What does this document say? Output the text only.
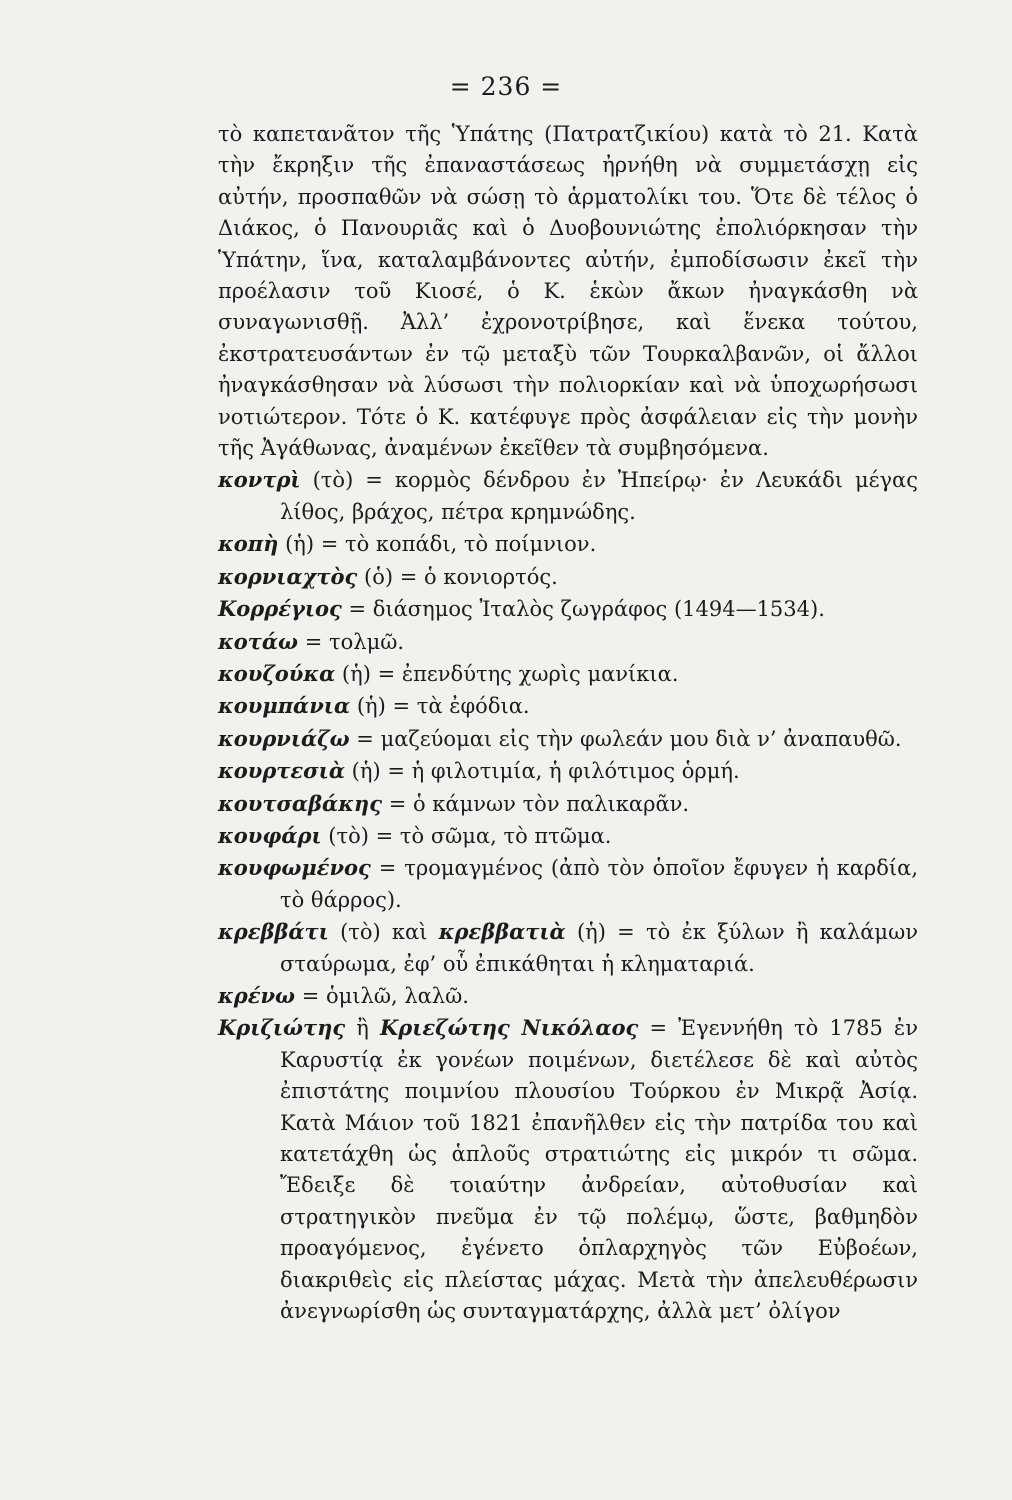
= 236 =

τὸ καπετανᾶτον τῆς Ὑπάτης (Πατρατζικίου) κατὰ τὸ 21. Κατὰ τὴν ἔκρηξιν τῆς ἐπαναστάσεως ἠρνήθη νὰ συμμετάσχῃ εἰς αὐτήν, προσπαθῶν νὰ σώσῃ τὸ ἁρματολίκι του. Ὅτε δὲ τέλος ὁ Διάκος, ὁ Πανουριᾶς καὶ ὁ Δυοβουνιώτης ἐπολιόρκησαν τὴν Ὑπάτην, ἵνα, καταλαμβάνοντες αὐτήν, ἐμποδίσωσιν ἐκεῖ τὴν προέλασιν τοῦ Κιοσέ, ὁ Κ. ἑκὼν ἄκων ἠναγκάσθη νὰ συναγωνισθῇ. Ἀλλ’ ἐχρονοτρίβησε, καὶ ἕνεκα τούτου, ἐκστρατευσάντων ἐν τῷ μεταξὺ τῶν Τουρκαλβανῶν, οἱ ἄλλοι ἠναγκάσθησαν νὰ λύσωσι τὴν πολιορκίαν καὶ νὰ ὑποχωρήσωσι νοτιώτερον. Τότε ὁ Κ. κατέφυγε πρὸς ἀσφάλειαν εἰς τὴν μονὴν τῆς Ἀγάθωνας, ἀναμένων ἐκεῖθεν τὰ συμβησόμενα.

κοντρὶ (τὸ) = κορμὸς δένδρου ἐν Ἠπείρῳ· ἐν Λευκάδι μέγας λίθος, βράχος, πέτρα κρημνώδης.

κοπὴ (ἡ) = τὸ κοπάδι, τὸ ποίμνιον.

κορνιαχτὸς (ὁ) = ὁ κονιορτός.

Κορρέγιος = διάσημος Ἰταλὸς ζωγράφος (1494—1534).

κοτάω = τολμῶ.

κουζούκα (ἡ) = ἐπενδύτης χωρὶς μανίκια.

κουμπάνια (ἡ) = τὰ ἐφόδια.

κουρνιάζω = μαζεύομαι εἰς τὴν φωλεάν μου διὰ ν’ ἀναπαυθῶ.

κουρτεσιὰ (ἡ) = ἡ φιλοτιμία, ἡ φιλότιμος ὁρμή.

κουτσαβάκης = ὁ κάμνων τὸν παλικαρᾶν.

κουφάρι (τὸ) = τὸ σῶμα, τὸ πτῶμα.

κουφωμένος = τρομαγμένος (ἀπὸ τὸν ὁποῖον ἔφυγεν ἡ καρδία, τὸ θάρρος).

κρεββάτι (τὸ) καὶ κρεββατιὰ (ἡ) = τὸ ἐκ ξύλων ἢ καλάμων σταύρωμα, ἐφ’ οὗ ἐπικάθηται ἡ κληματαριά.

κρένω = ὁμιλῶ, λαλῶ.

Κριζιώτης ἢ Κριεζώτης Νικόλαος = Ἐγεννήθη τὸ 1785 ἐν Καρυστίᾳ ἐκ γονέων ποιμένων, διετέλεσε δὲ καὶ αὐτὸς ἐπιστάτης ποιμνίου πλουσίου Τούρκου ἐν Μικρᾷ Ἀσίᾳ. Κατὰ Μάιον τοῦ 1821 ἐπανῆλθεν εἰς τὴν πατρίδα του καὶ κατετάχθη ὡς ἁπλοῦς στρατιώτης εἰς μικρόν τι σῶμα. Ἔδειξε δὲ τοιαύτην ἀνδρείαν, αὐτοθυσίαν καὶ στρατηγικὸν πνεῦμα ἐν τῷ πολέμῳ, ὥστε, βαθμηδὸν προαγόμενος, ἐγένετο ὁπλαρχηγὸς τῶν Εὐβοέων, διακριθεὶς εἰς πλείστας μάχας. Μετὰ τὴν ἀπελευθέρωσιν ἀνεγνωρίσθη ὡς συνταγματάρχης, ἀλλὰ μετ’ ὀλίγον
